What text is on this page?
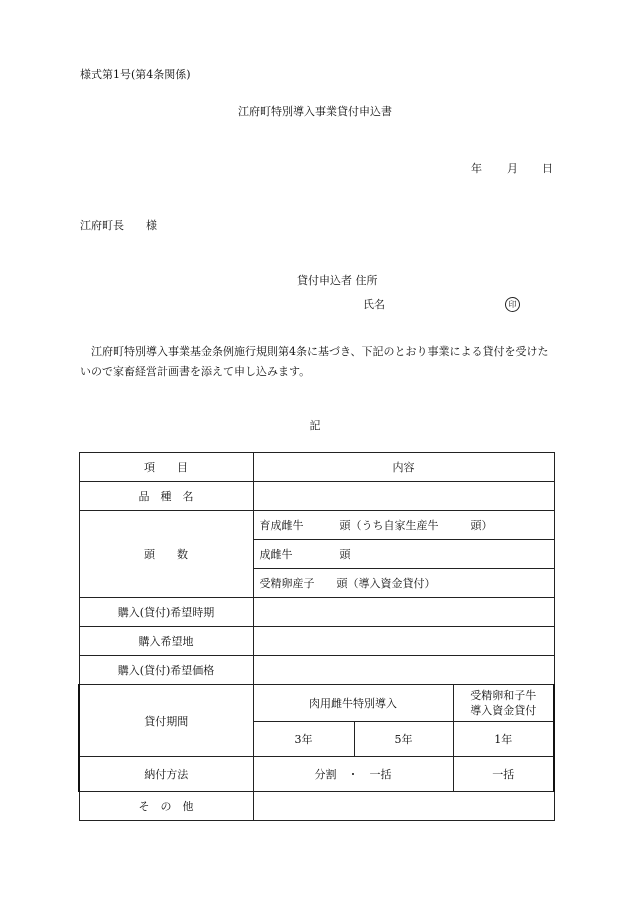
様式第1号(第4条関係)
江府町特別導入事業貸付申込書
年 月 日
江府町長　　様
貸付申込者 住所
氏名	印
江府町特別導入事業基金条例施行規則第4条に基づき、下記のとおり事業による貸付を受けたいので家畜経営計画書を添えて申し込みます。
記
項　　目	内容		
品　種　名			
頭　　数	育成雌牛 頭（うち自家生産牛 頭）		
	成雌牛 頭		
	受精卵産子 頭（導入資金貸付）		
購入(貸付)希望時期			
購入希望地			
購入(貸付)希望価格			
貸付期間	肉用雌牛特別導入		受精卵和子牛
導入資金貸付
	3年	5年	1年
納付方法	分割　・　一括		一括
そ　の　他			
